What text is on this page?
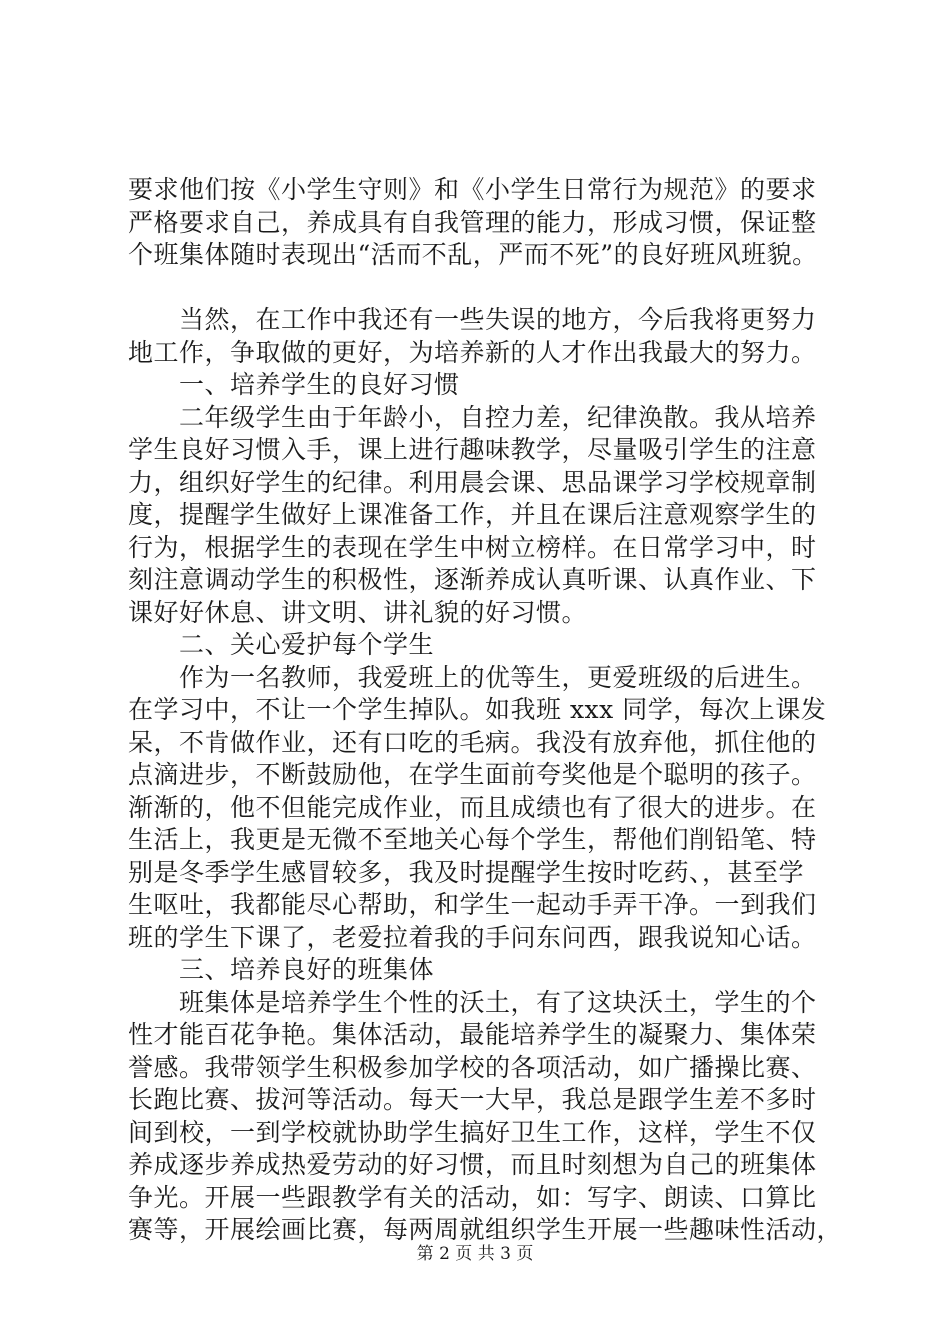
要求他们按《小学生守则》和《小学生日常行为规范》的要求
严格要求自己，养成具有自我管理的能力，形成习惯，保证整
个班集体随时表现出“活而不乱，严而不死”的良好班风班貌。
　　当然，在工作中我还有一些失误的地方，今后我将更努力
地工作，争取做的更好，为培养新的人才作出我最大的努力。
　　一、培养学生的良好习惯
　　二年级学生由于年龄小，自控力差，纪律涣散。我从培养
学生良好习惯入手，课上进行趣味教学，尽量吸引学生的注意
力，组织好学生的纪律。利用晨会课、思品课学习学校规章制
度，提醒学生做好上课准备工作，并且在课后注意观察学生的
行为，根据学生的表现在学生中树立榜样。在日常学习中，时
刻注意调动学生的积极性，逐渐养成认真听课、认真作业、下
课好好休息、讲文明、讲礼貌的好习惯。
　　二、关心爱护每个学生
　　作为一名教师，我爱班上的优等生，更爱班级的后进生。
在学习中，不让一个学生掉队。如我班 xxx 同学，每次上课发
呆，不肯做作业，还有口吃的毛病。我没有放弃他，抓住他的
点滴进步，不断鼓励他，在学生面前夸奖他是个聪明的孩子。
渐渐的，他不但能完成作业，而且成绩也有了很大的进步。在
生活上，我更是无微不至地关心每个学生，帮他们削铅笔、特
别是冬季学生感冒较多，我及时提醒学生按时吃药、，甚至学
生呕吐，我都能尽心帮助，和学生一起动手弄干净。一到我们
班的学生下课了，老爱拉着我的手问东问西，跟我说知心话。
　　三、培养良好的班集体
　　班集体是培养学生个性的沃土，有了这块沃土，学生的个
性才能百花争艳。集体活动，最能培养学生的凝聚力、集体荣
誉感。我带领学生积极参加学校的各项活动，如广播操比赛、
长跑比赛、拔河等活动。每天一大早，我总是跟学生差不多时
间到校，一到学校就协助学生搞好卫生工作，这样，学生不仅
养成逐步养成热爱劳动的好习惯，而且时刻想为自己的班集体
争光。开展一些跟教学有关的活动，如：写字、朗读、口算比
赛等，开展绘画比赛，每两周就组织学生开展一些趣味性活动，
第 2 页 共 3 页
